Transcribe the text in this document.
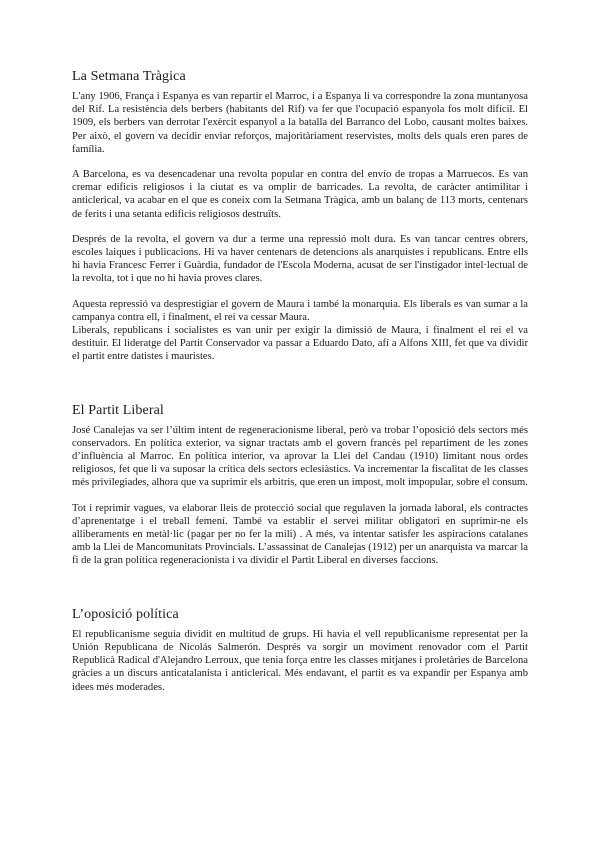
La Setmana Tràgica

L'any 1906, França i Espanya es van repartir el Marroc, i a Espanya li va correspondre la zona muntanyosa del Rif. La resistència dels berbers (habitants del Rif) va fer que l'ocupació espanyola fos molt difícil. El 1909, els berbers van derrotar l'exèrcit espanyol a la batalla del Barranco del Lobo, causant moltes baixes. Per això, el govern va decidir enviar reforços, majoritàriament reservistes, molts dels quals eren pares de família.

A Barcelona, es va desencadenar una revolta popular en contra del envío de tropas a Marruecos. Es van cremar edificis religiosos i la ciutat es va omplir de barricades. La revolta, de caràcter antimilitar i anticlerical, va acabar en el que es coneix com la Setmana Tràgica, amb un balanç de 113 morts, centenars de ferits i una setanta edificis religiosos destruïts.

Després de la revolta, el govern va dur a terme una repressió molt dura. Es van tancar centres obrers, escoles laiques i publicacions. Hi va haver centenars de detencions als anarquistes i republicans. Entre ells hi havia Francesc Ferrer i Guàrdia, fundador de l'Escola Moderna, acusat de ser l'instigador intel·lectual de la revolta, tot i que no hi havia proves clares.

Aquesta repressió va desprestigiar el govern de Maura i també la monarquia. Els liberals es van sumar a la campanya contra ell, i finalment, el rei va cessar Maura.

Liberals, republicans i socialistes es van unir per exigir la dimissió de Maura, i finalment el rei el va destituir. El lideratge del Partit Conservador va passar a Eduardo Dato, afí a Alfons XIII, fet que va dividir el partit entre datistes i mauristes.

El Partit Liberal

José Canalejas va ser l’últim intent de regeneracionisme liberal, però va trobar l’oposició dels sectors més conservadors. En política exterior, va signar tractats amb el govern francès pel repartiment de les zones d’influència al Marroc. En política interior, va aprovar la Llei del Candau (1910) limitant nous ordes religiosos, fet que li va suposar la crítica dels sectors eclesiàstics. Va incrementar la fiscalitat de les classes més privilegiades, alhora que va suprimir els arbitris, que eren un impost, molt impopular, sobre el consum.

Tot i reprimir vagues, va elaborar lleis de protecció social que regulaven la jornada laboral, els contractes d’aprenentatge i el treball femení. També va establir el servei militar obligatori en suprimir-ne els alliberaments en metàl·lic (pagar per no fer la mili) . A més, va intentar satisfer les aspiracions catalanes amb la Llei de Mancomunitats Provincials. L’assassinat de Canalejas (1912) per un anarquista va marcar la fi de la gran política regeneracionista i va dividir el Partit Liberal en diverses faccions.

L’oposició política

El republicanisme seguia dividit en multitud de grups. Hi havia el vell republicanisme representat per la Unión Republicana de Nicolás Salmerón. Després va sorgir un moviment renovador com el Partit Republicà Radical d'Alejandro Lerroux, que tenia força entre les classes mitjanes i proletàries de Barcelona gràcies a un discurs anticatalanista i anticlerical. Més endavant, el partit es va expandir per Espanya amb idees més moderades.
